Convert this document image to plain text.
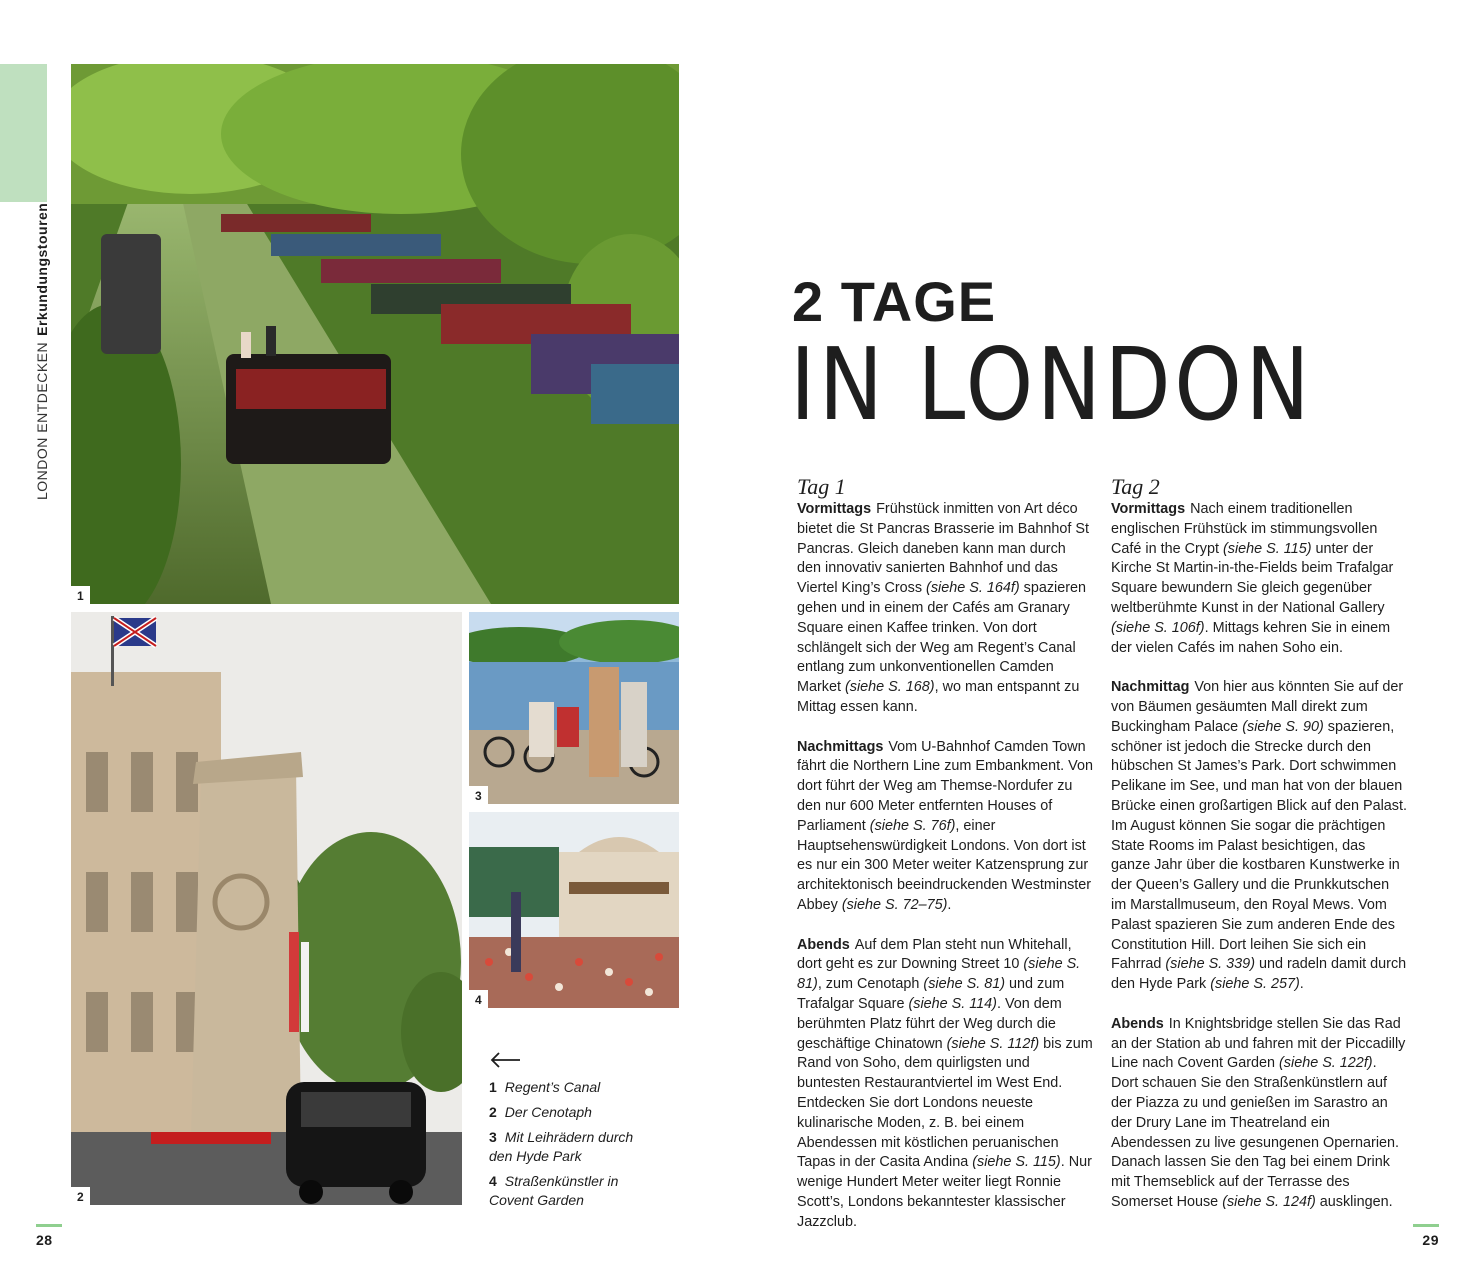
LONDON ENTDECKENErkundungstouren
1
2
3
4
1 Regent’s Canal
2 Der Cenotaph
3 Mit Leihrädern durch den Hyde Park
4 Straßenkünstler in Covent Garden
2 TAGE
IN LONDON
Tag 1

Vormittags Frühstück inmitten von Art déco bietet die St Pancras Brasserie im Bahnhof St Pancras. Gleich daneben kann man durch den innovativ sanierten Bahnhof und das Viertel King’s Cross (siehe S. 164f) spazieren gehen und in einem der Cafés am Granary Square einen Kaffee trinken. Von dort schlängelt sich der Weg am Regent’s Canal entlang zum unkonventionellen Camden Market (siehe S. 168), wo man entspannt zu Mittag essen kann.

Nachmittags Vom U-Bahnhof Camden Town fährt die Northern Line zum Embankment. Von dort führt der Weg am Themse-Nordufer zu den nur 600 Meter entfernten Houses of Parliament (siehe S. 76f), einer Hauptsehenswürdigkeit Londons. Von dort ist es nur ein 300 Meter weiter Katzensprung zur architektonisch beeindruckenden Westminster Abbey (siehe S. 72–75).

Abends Auf dem Plan steht nun Whitehall, dort geht es zur Downing Street 10 (siehe S. 81), zum Cenotaph (siehe S. 81) und zum Trafalgar Square (siehe S. 114). Von dem berühmten Platz führt der Weg durch die geschäftige Chinatown (siehe S. 112f) bis zum Rand von Soho, dem quirligsten und buntesten Restaurantviertel im West End. Entdecken Sie dort Londons neueste kulinarische Moden, z. B. bei einem Abendessen mit köstlichen peruanischen Tapas in der Casita Andina (siehe S. 115). Nur wenige Hundert Meter weiter liegt Ronnie Scott’s, Londons bekanntester klassischer Jazzclub.

Tag 2

Vormittags Nach einem traditionellen englischen Frühstück im stimmungsvollen Café in the Crypt (siehe S. 115) unter der Kirche St Martin-in-the-Fields beim Trafalgar Square bewundern Sie gleich gegenüber weltberühmte Kunst in der National Gallery (siehe S. 106f). Mittags kehren Sie in einem der vielen Cafés im nahen Soho ein.

Nachmittag Von hier aus könnten Sie auf der von Bäumen gesäumten Mall direkt zum Buckingham Palace (siehe S. 90) spazieren, schöner ist jedoch die Strecke durch den hübschen St James’s Park. Dort schwimmen Pelikane im See, und man hat von der blauen Brücke einen großartigen Blick auf den Palast. Im August können Sie sogar die prächtigen State Rooms im Palast besichtigen, das ganze Jahr über die kostbaren Kunstwerke in der Queen’s Gallery und die Prunkkutschen im Marstallmuseum, den Royal Mews. Vom Palast spazieren Sie zum anderen Ende des Constitution Hill. Dort leihen Sie sich ein Fahrrad (siehe S. 339) und radeln damit durch den Hyde Park (siehe S. 257).

Abends In Knightsbridge stellen Sie das Rad an der Station ab und fahren mit der Piccadilly Line nach Covent Garden (siehe S. 122f). Dort schauen Sie den Straßenkünstlern auf der Piazza zu und genießen im Sarastro an der Drury Lane im Theatreland ein Abendessen zu live gesungenen Opernarien. Danach lassen Sie den Tag bei einem Drink mit Themseblick auf der Terrasse des Somerset House (siehe S. 124f) ausklingen.

28	29
